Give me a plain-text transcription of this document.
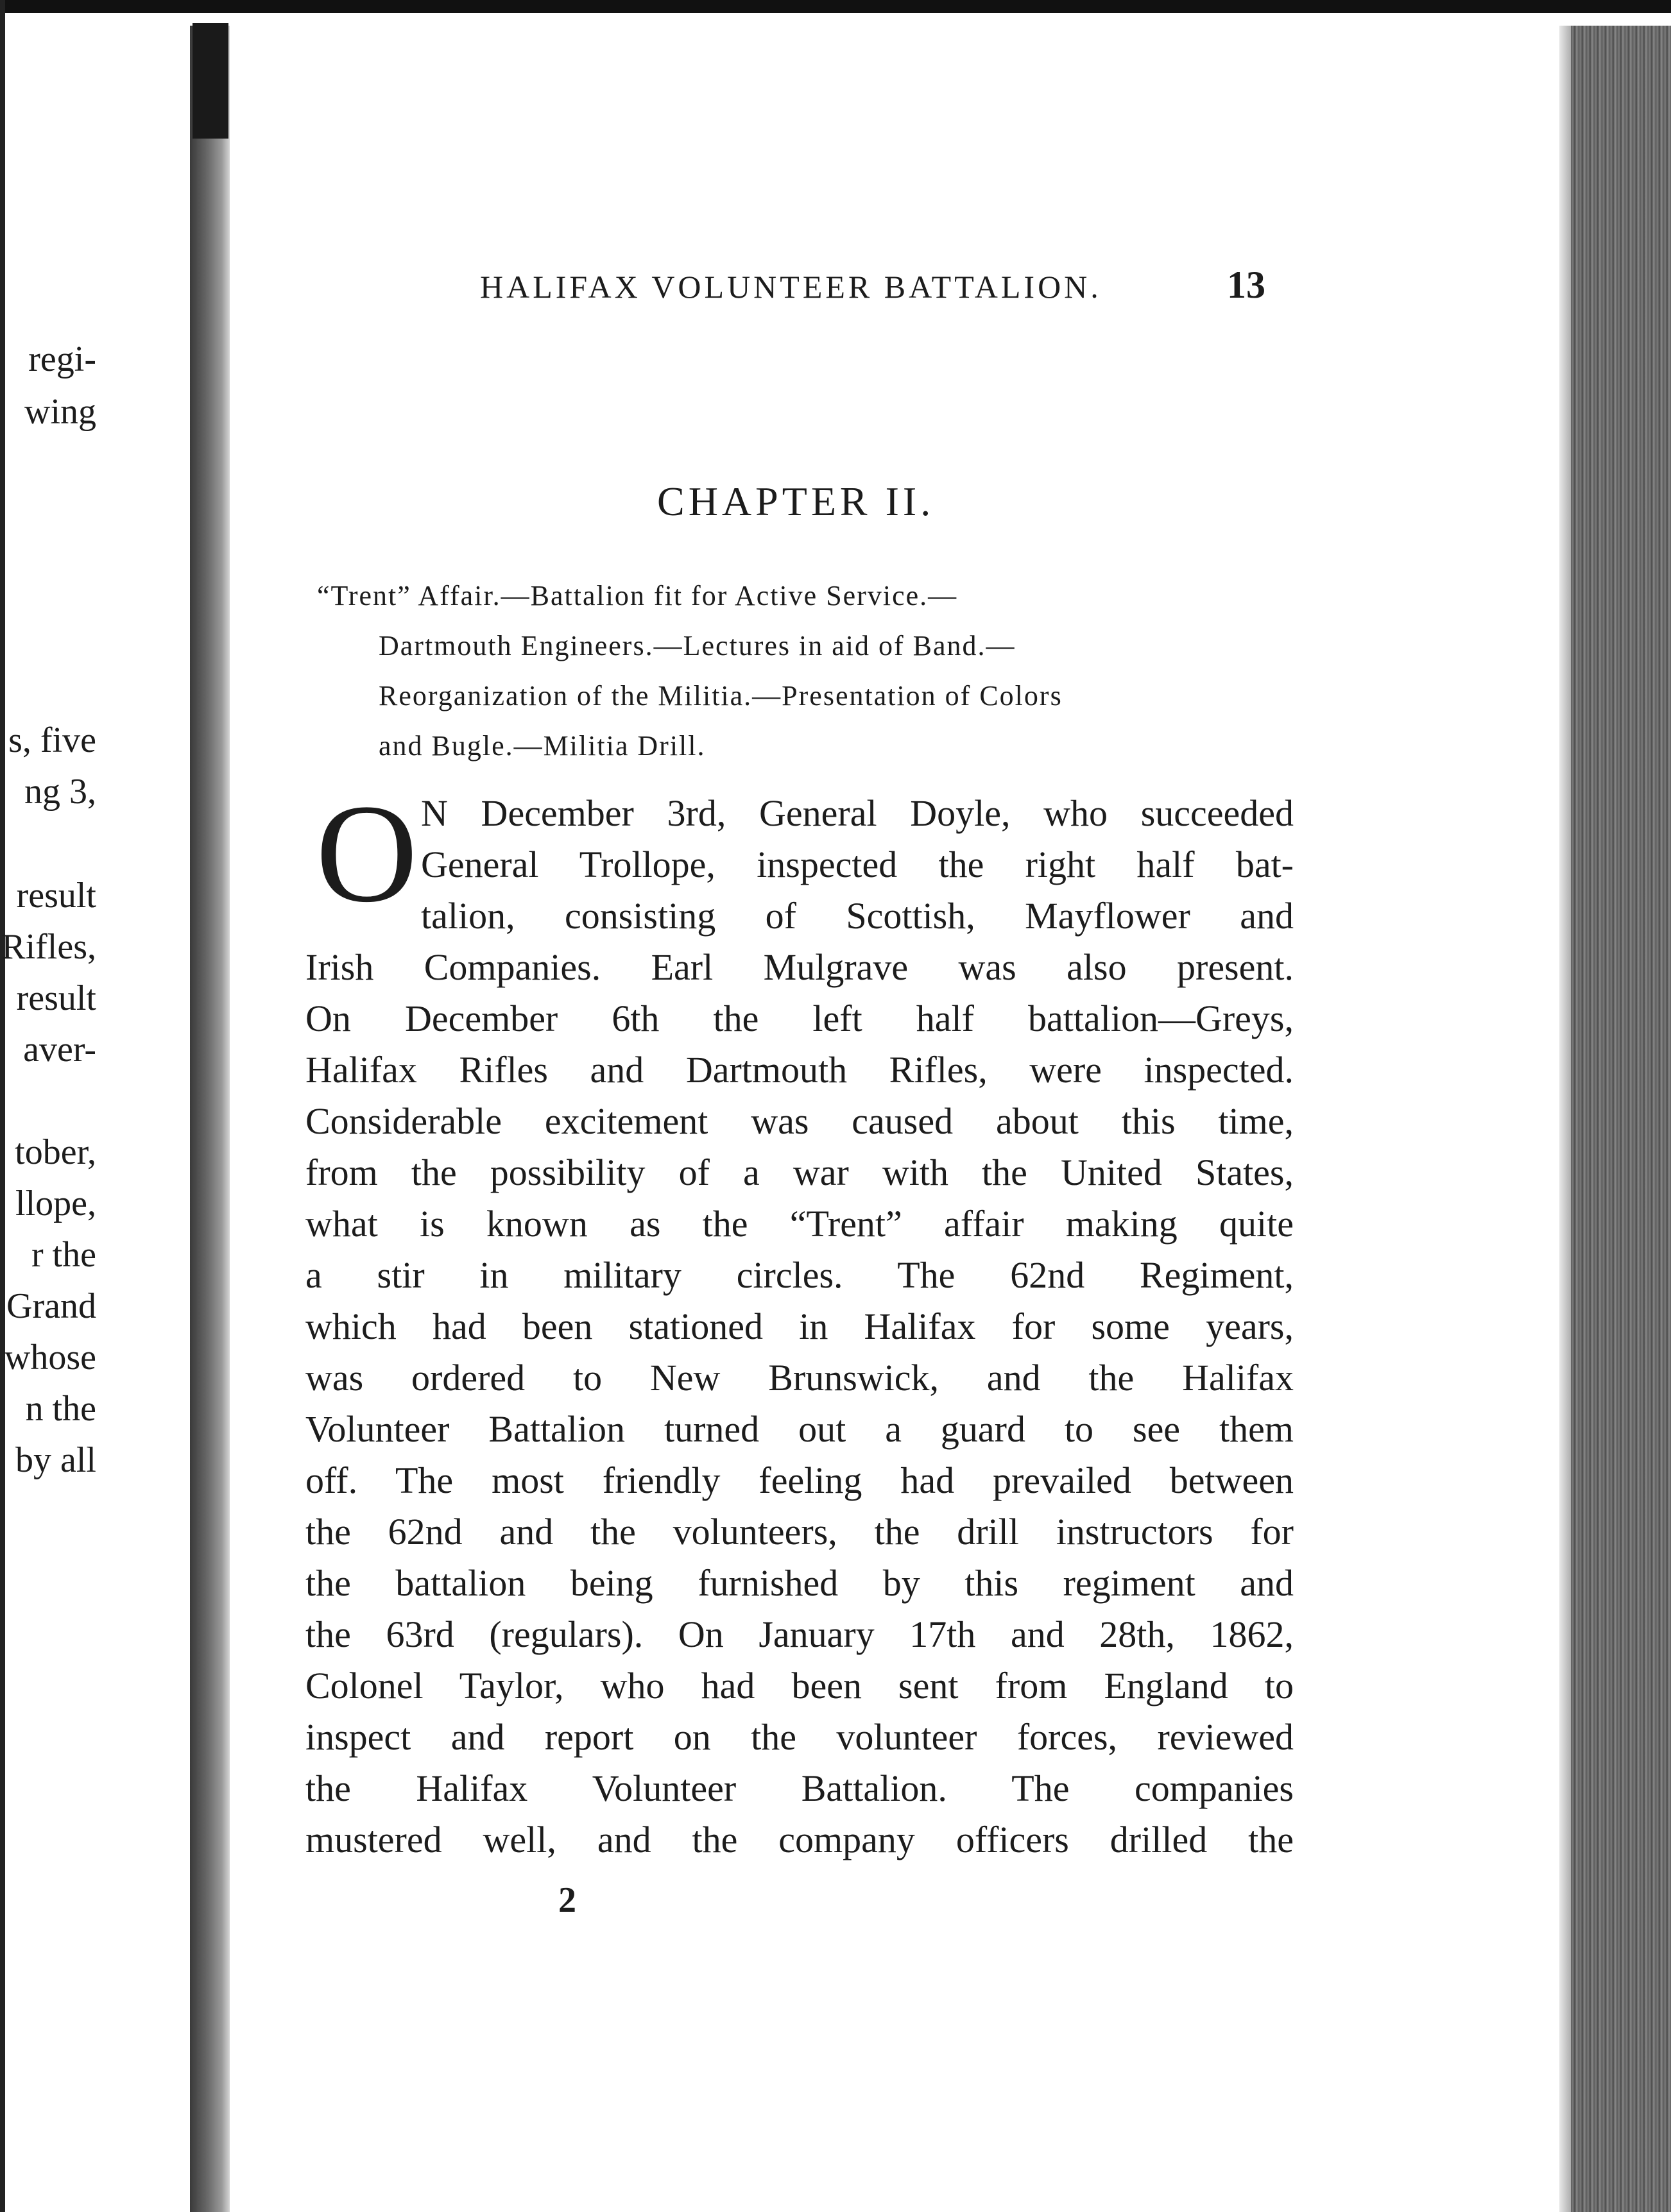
regi-
wing
s, five
ng 3,
result
Rifles,
result
aver-
tober,
llope,
r the
Grand
whose
n the
by all
HALIFAX VOLUNTEER BATTALION.	13
CHAPTER II.
“Trent” Affair.—Battalion fit for Active Service.—
Dartmouth Engineers.—Lectures in aid of Band.—
Reorganization of the Militia.—Presentation of Colors
and Bugle.—Militia Drill.
O N December 3rd, General Doyle, who succeeded
General Trollope, inspected the right half bat-
talion, consisting of Scottish, Mayflower and
Irish Companies. Earl Mulgrave was also present.
On December 6th the left half battalion—Greys,
Halifax Rifles and Dartmouth Rifles, were inspected.
Considerable excitement was caused about this time,
from the possibility of a war with the United States,
what is known as the “Trent” affair making quite
a stir in military circles. The 62nd Regiment,
which had been stationed in Halifax for some years,
was ordered to New Brunswick, and the Halifax
Volunteer Battalion turned out a guard to see them
off. The most friendly feeling had prevailed between
the 62nd and the volunteers, the drill instructors for
the battalion being furnished by this regiment and
the 63rd (regulars). On January 17th and 28th, 1862,
Colonel Taylor, who had been sent from England to
inspect and report on the volunteer forces, reviewed
the Halifax Volunteer Battalion. The companies
mustered well, and the company officers drilled the
2
